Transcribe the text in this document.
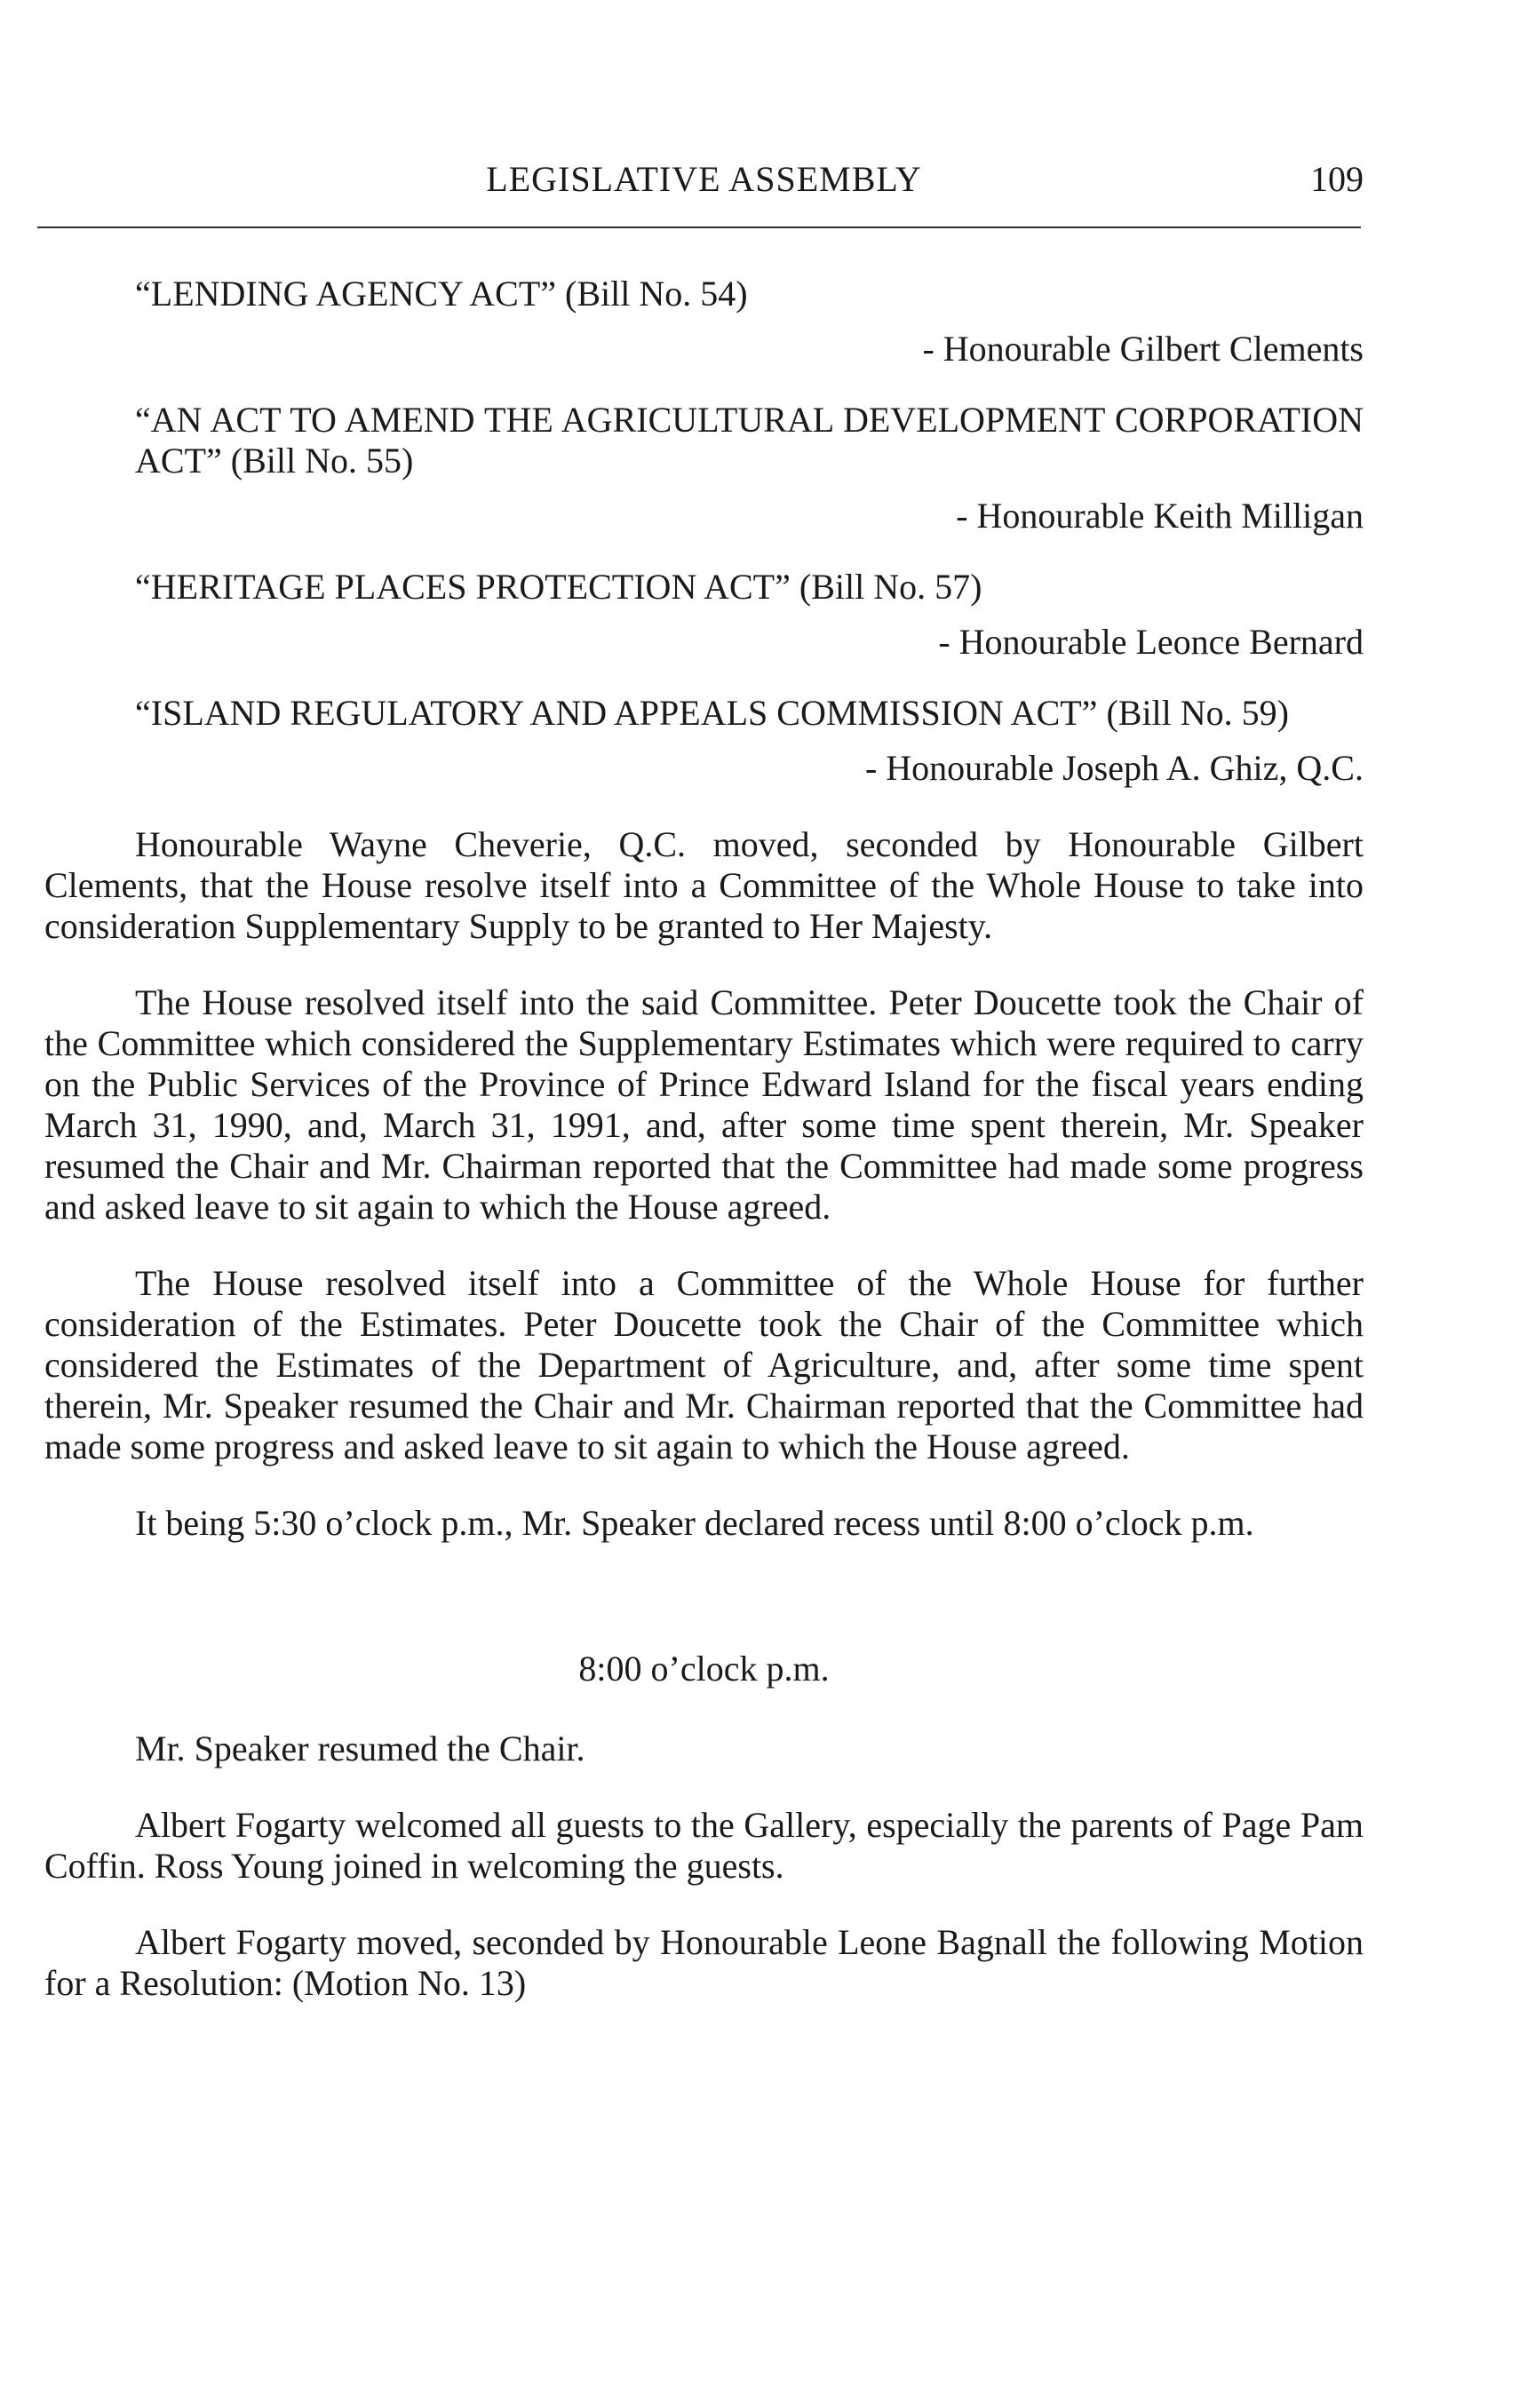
LEGISLATIVE ASSEMBLY	109

“LENDING AGENCY ACT” (Bill No. 54)

- Honourable Gilbert Clements

“AN ACT TO AMEND THE AGRICULTURAL DEVELOPMENT CORPORATION ACT” (Bill No. 55)

- Honourable Keith Milligan

“HERITAGE PLACES PROTECTION ACT” (Bill No. 57)

- Honourable Leonce Bernard

“ISLAND REGULATORY AND APPEALS COMMISSION ACT” (Bill No. 59)

- Honourable Joseph A. Ghiz, Q.C.

Honourable Wayne Cheverie, Q.C. moved, seconded by Honourable Gilbert Clements, that the House resolve itself into a Committee of the Whole House to take into consideration Supplementary Supply to be granted to Her Majesty.

The House resolved itself into the said Committee. Peter Doucette took the Chair of the Committee which considered the Supplementary Estimates which were required to carry on the Public Services of the Province of Prince Edward Island for the fiscal years ending March 31, 1990, and, March 31, 1991, and, after some time spent therein, Mr. Speaker resumed the Chair and Mr. Chairman reported that the Committee had made some progress and asked leave to sit again to which the House agreed.

The House resolved itself into a Committee of the Whole House for further consideration of the Estimates. Peter Doucette took the Chair of the Committee which considered the Estimates of the Department of Agriculture, and, after some time spent therein, Mr. Speaker resumed the Chair and Mr. Chairman reported that the Committee had made some progress and asked leave to sit again to which the House agreed.

It being 5:30 o’clock p.m., Mr. Speaker declared recess until 8:00 o’clock p.m.

8:00 o’clock p.m.

Mr. Speaker resumed the Chair.

Albert Fogarty welcomed all guests to the Gallery, especially the parents of Page Pam Coffin. Ross Young joined in welcoming the guests.

Albert Fogarty moved, seconded by Honourable Leone Bagnall the following Motion for a Resolution: (Motion No. 13)
